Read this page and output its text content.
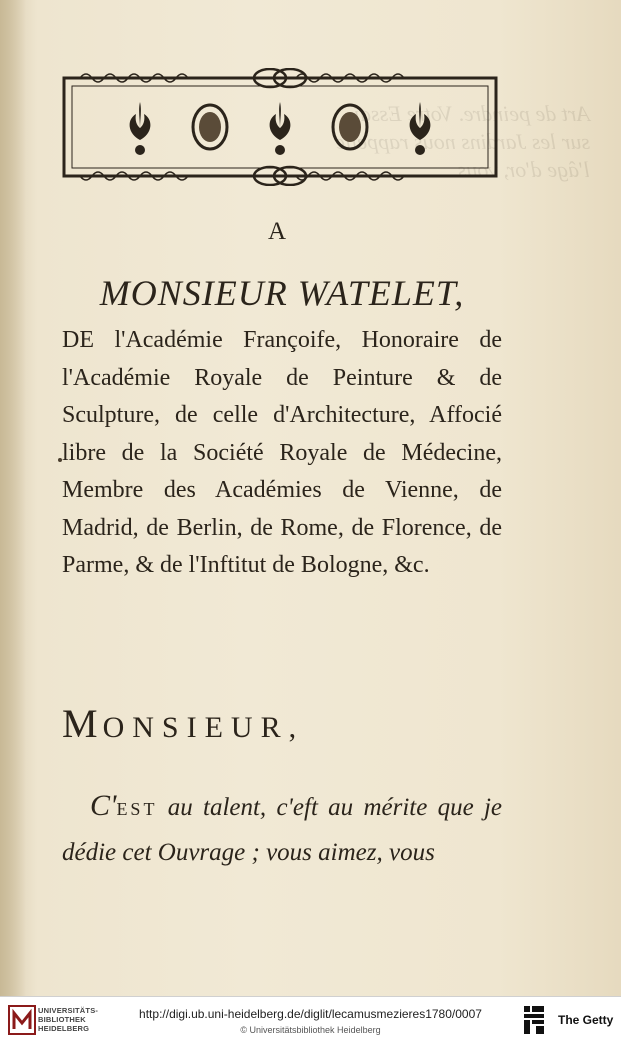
Art de peindre. Votre Essai sur les Jardins nous rappelle l'âge d'or, vous
A
MONSIEUR WATELET,

DE l'Académie Françoife, Honoraire de l'Académie Royale de Peinture & de Sculpture, de celle d'Architecture, Affocié libre de la Société Royale de Médecine, Membre des Académies de Vienne, de Madrid, de Berlin, de Rome, de Florence, de Parme, & de l'Inftitut de Bologne, &c.

MONSIEUR,
C'EST au talent, c'eft au mérite que je dédie cet Ouvrage ; vous aimez, vous
UNIVERSITÄTS-
BIBLIOTHEK
HEIDELBERG
http://digi.ub.uni-heidelberg.de/diglit/lecamusmezieres1780/0007
© Universitätsbibliothek Heidelberg
The Getty
